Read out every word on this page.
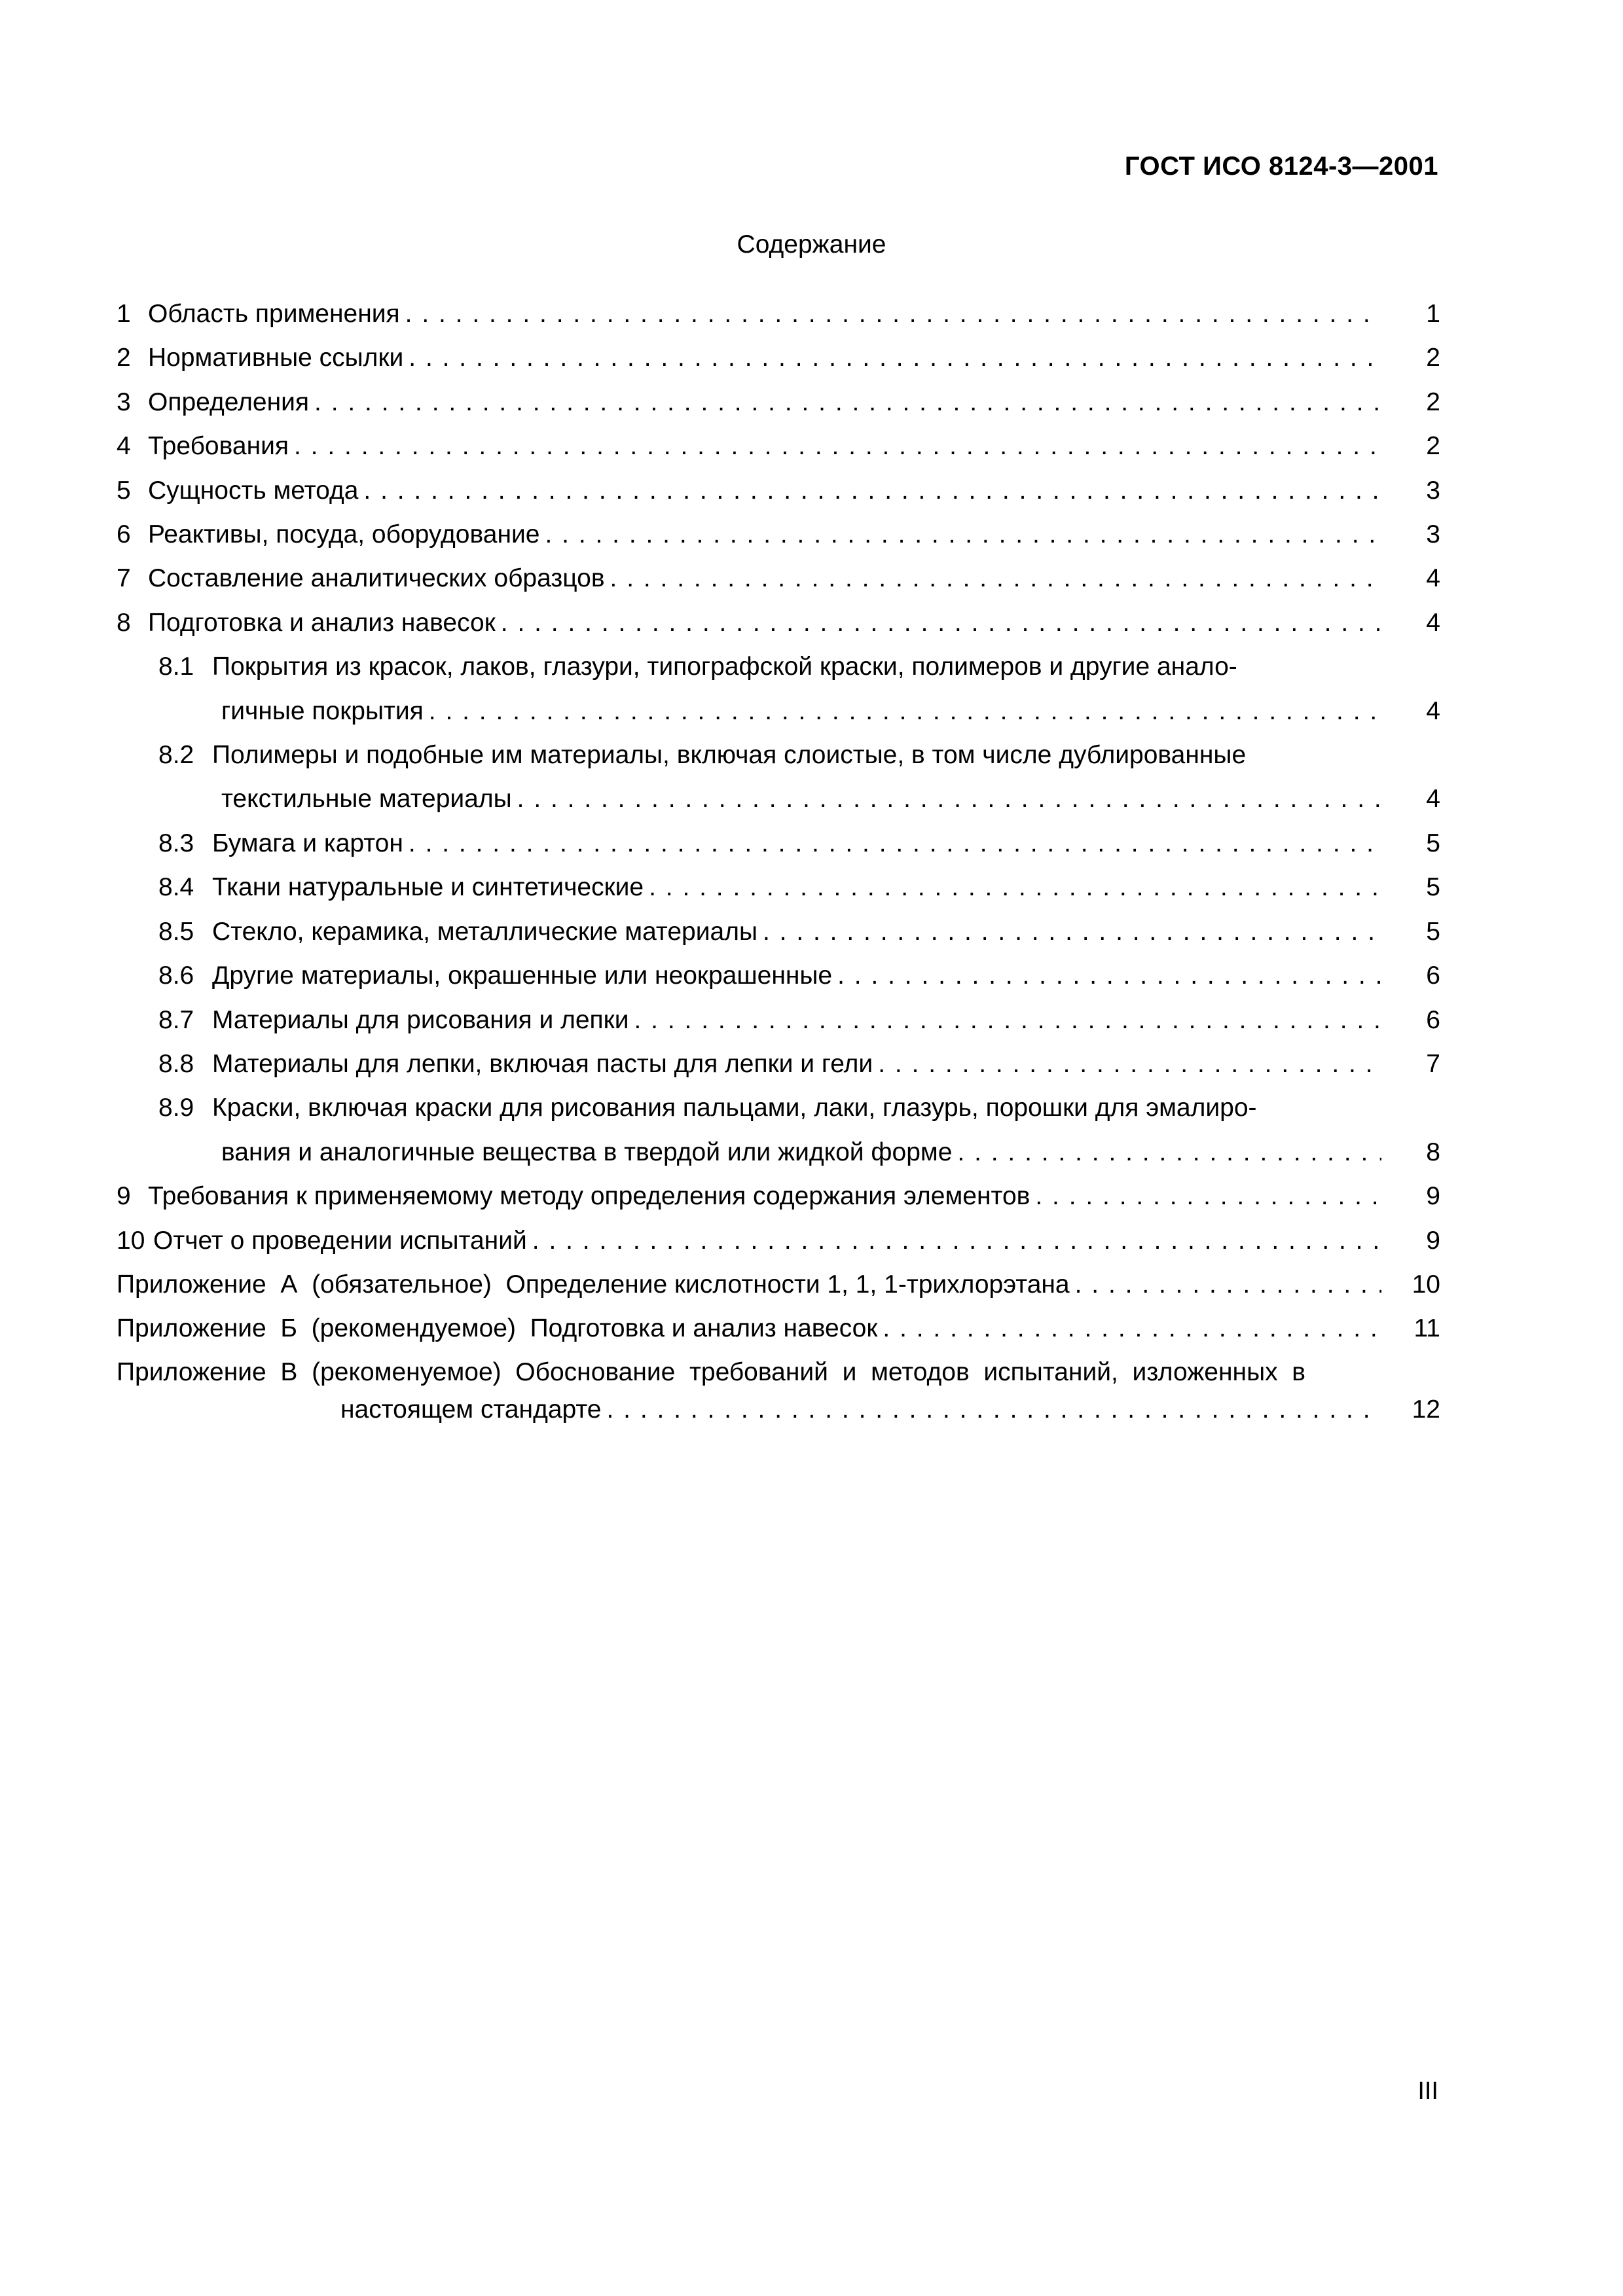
ГОСТ ИСО 8124-3—2001
Содержание
1 Область применения . . .	1
2 Нормативные ссылки . . .	2
3 Определения . . .	2
4 Требования . . .	2
5 Сущность метода . . .	3
6 Реактивы, посуда, оборудование . . .	3
7 Составление аналитических образцов . . .	4
8 Подготовка и анализ навесок . . .	4
8.1 Покрытия из красок, лаков, глазури, типографской краски, полимеров и другие анало-
гичные покрытия . . .	4
8.2 Полимеры и подобные им материалы, включая слоистые, в том числе дублированные
текстильные материалы . . .	4
8.3 Бумага и картон . . .	5
8.4 Ткани натуральные и синтетические . . .	5
8.5 Стекло, керамика, металлические материалы . . .	5
8.6 Другие материалы, окрашенные или неокрашенные . . .	6
8.7 Материалы для рисования и лепки . . .	6
8.8 Материалы для лепки, включая пасты для лепки и гели . . .	7
8.9 Краски, включая краски для рисования пальцами, лаки, глазурь, порошки для эмалиро-
вания и аналогичные вещества в твердой или жидкой форме . . .	8
9 Требования к применяемому методу определения содержания элементов . . .	9
10 Отчет о проведении испытаний . . .	9
Приложение  А  (обязательное)  Определение кислотности 1, 1, 1-трихлорэтана . . .	10
Приложение  Б  (рекомендуемое)  Подготовка и анализ навесок . . .	11
Приложение  В  (рекоменуемое)  Обоснование  требований  и  методов  испытаний,  изложенных  в
настоящем стандарте . . .	12
III
